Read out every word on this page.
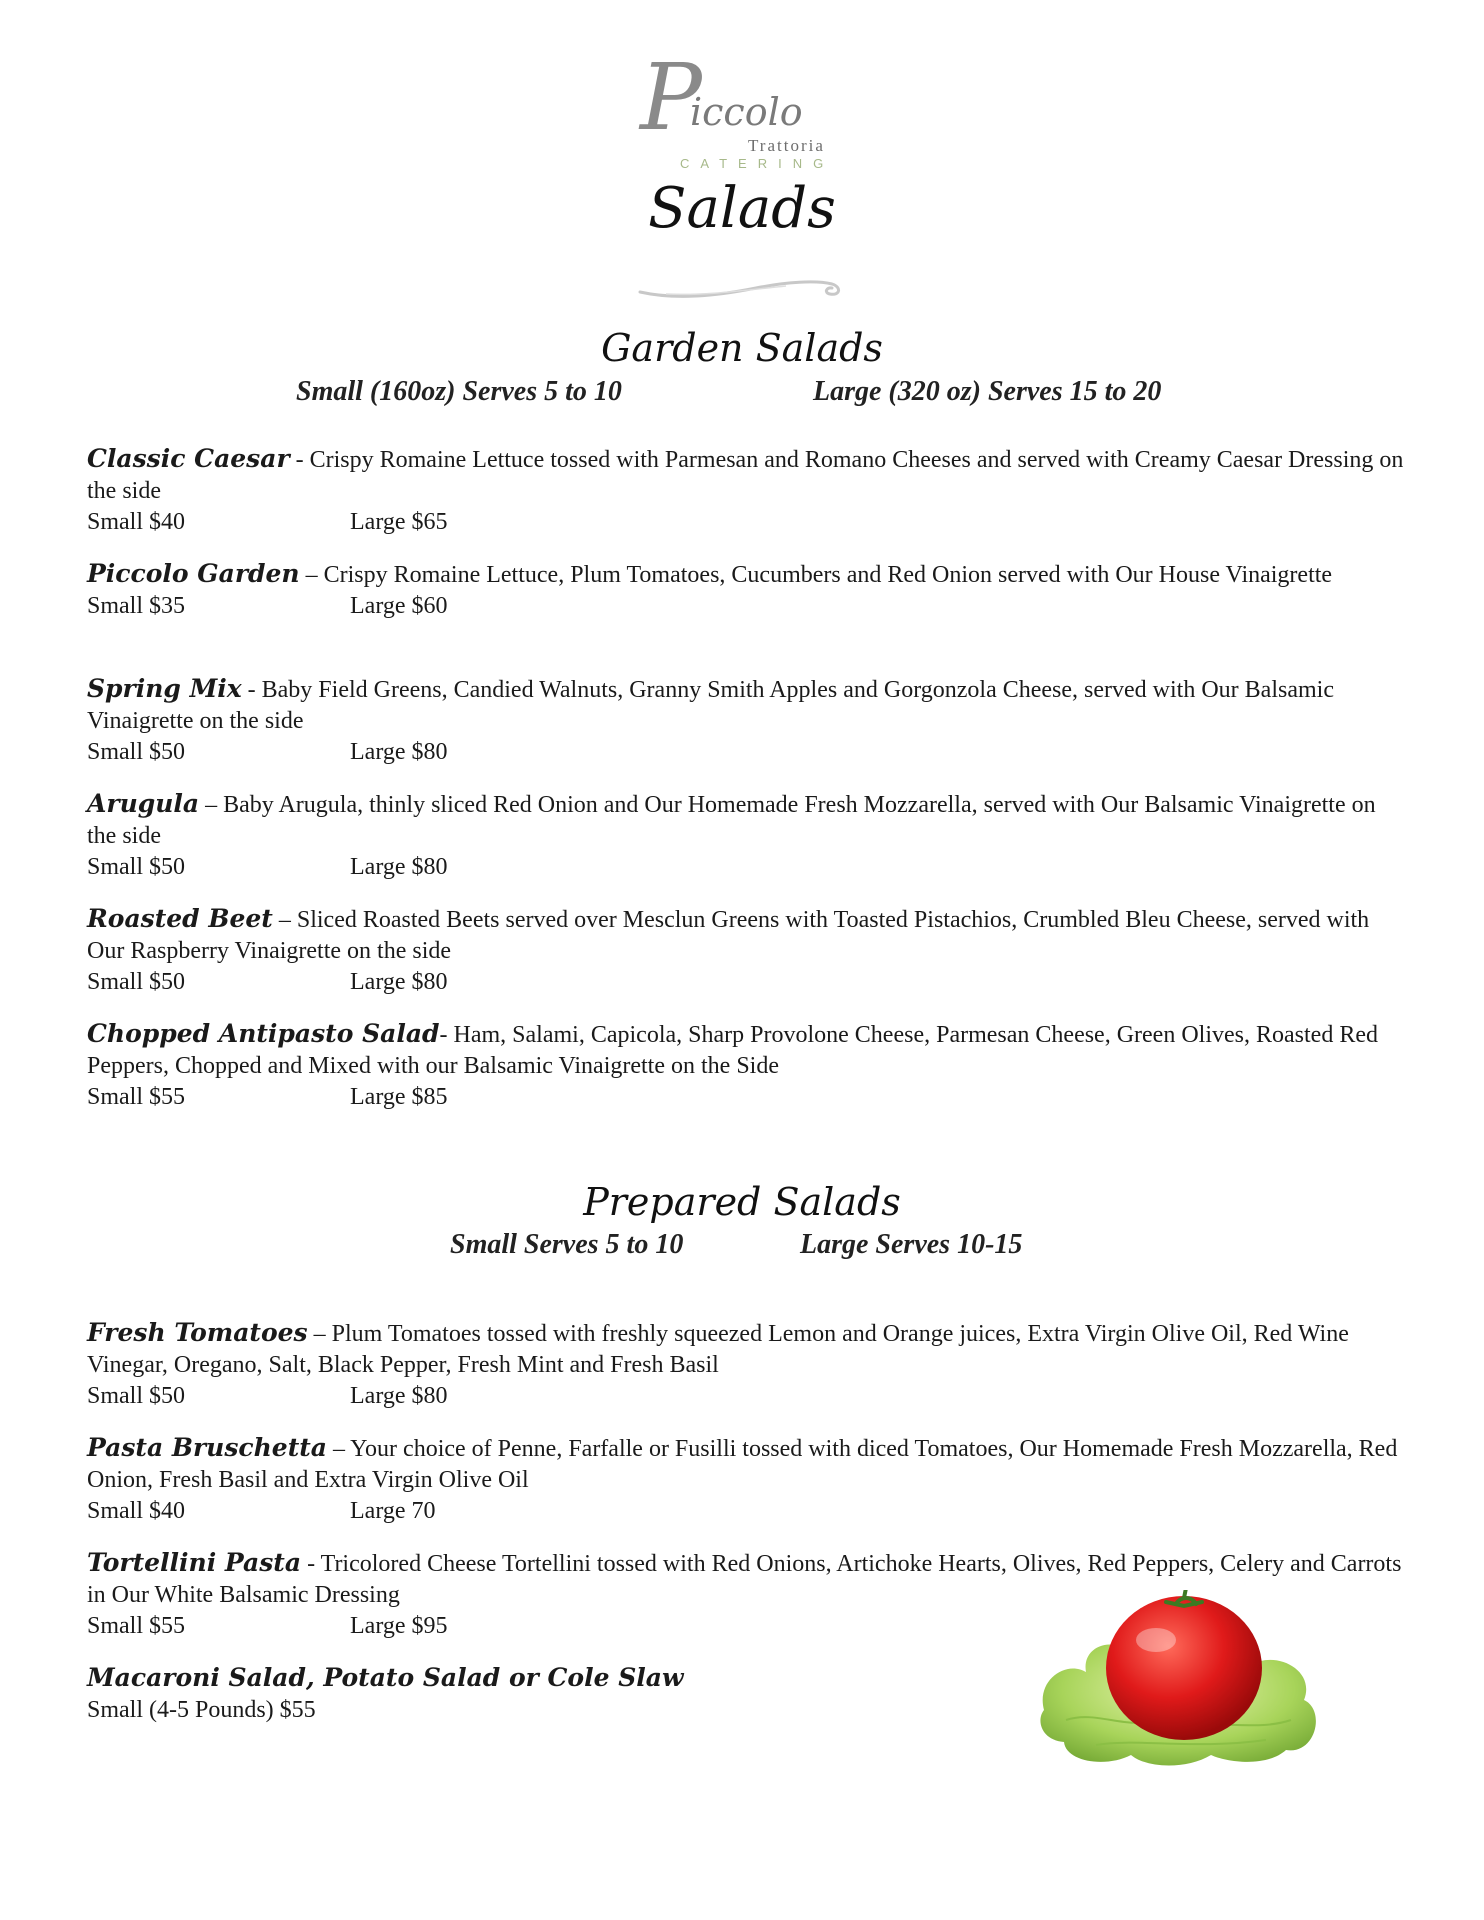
P
iccolo
Trattoria
CATERING
Salads
Garden Salads
Small (160oz) Serves 5 to 10	Large (320 oz) Serves 15 to 20
Classic Caesar - Crispy Romaine Lettuce tossed with Parmesan and Romano Cheeses and served with Creamy Caesar Dressing on the side
Small $40	Large $65
Piccolo Garden – Crispy Romaine Lettuce, Plum Tomatoes, Cucumbers and Red Onion served with Our House Vinaigrette
Small $35	Large $60
Spring Mix - Baby Field Greens, Candied Walnuts, Granny Smith Apples and Gorgonzola Cheese, served with Our Balsamic Vinaigrette on the side
Small $50	Large $80
Arugula – Baby Arugula, thinly sliced Red Onion and Our Homemade Fresh Mozzarella, served with Our Balsamic Vinaigrette on the side
Small $50	Large $80
Roasted Beet – Sliced Roasted Beets served over Mesclun Greens with Toasted Pistachios, Crumbled Bleu Cheese, served with Our Raspberry Vinaigrette on the side
Small $50	Large $80
Chopped Antipasto Salad- Ham, Salami, Capicola, Sharp Provolone Cheese, Parmesan Cheese, Green Olives, Roasted Red Peppers, Chopped and Mixed with our Balsamic Vinaigrette on the Side
Small $55	Large $85
Prepared Salads
Small Serves 5 to 10	Large Serves 10-15
Fresh Tomatoes – Plum Tomatoes tossed with freshly squeezed Lemon and Orange juices, Extra Virgin Olive Oil, Red Wine Vinegar, Oregano, Salt, Black Pepper, Fresh Mint and Fresh Basil
Small $50	Large $80
Pasta Bruschetta – Your choice of Penne, Farfalle or Fusilli tossed with diced Tomatoes, Our Homemade Fresh Mozzarella, Red Onion, Fresh Basil and Extra Virgin Olive Oil
Small $40	Large 70
Tortellini Pasta - Tricolored Cheese Tortellini tossed with Red Onions, Artichoke Hearts, Olives, Red Peppers, Celery and Carrots in Our White Balsamic Dressing
Small $55	Large $95
Macaroni Salad, Potato Salad or Cole Slaw
Small (4-5 Pounds) $55
